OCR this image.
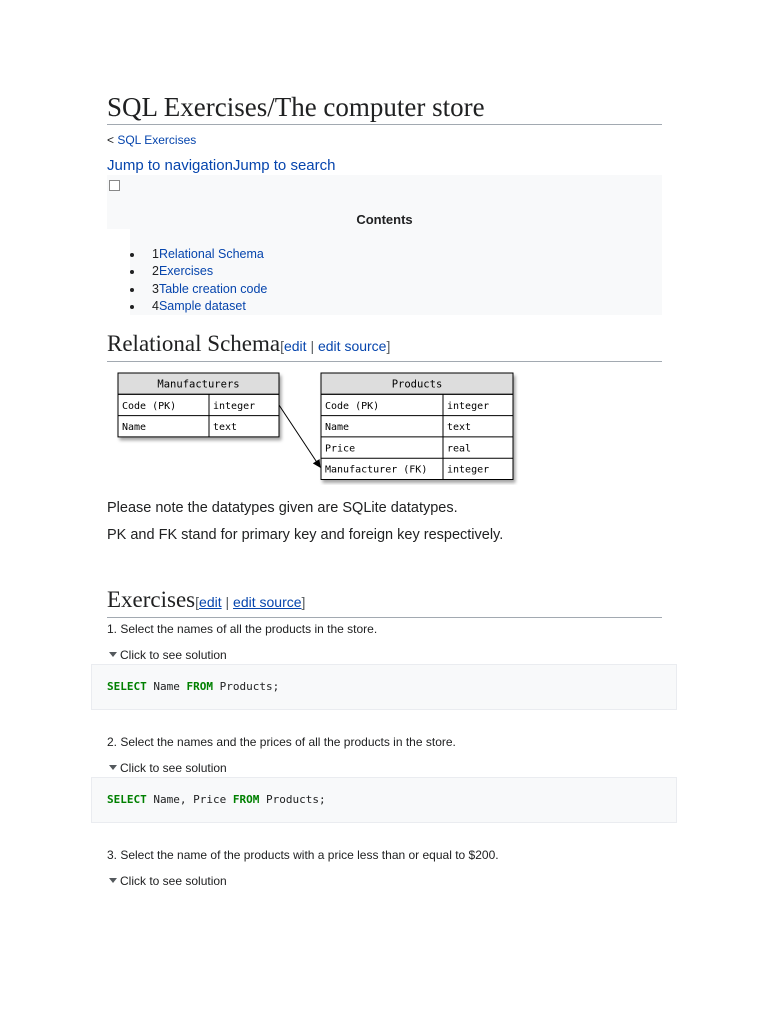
SQL Exercises/The computer store
< SQL Exercises
Jump to navigationJump to search
Contents
1Relational Schema
2Exercises
3Table creation code
4Sample dataset
Relational Schema[edit | edit source]
Manufacturers
Code (PK)	integer
Name	text
Products
Code (PK)	integer
Name	text
Price	real
Manufacturer (FK) integer
Please note the datatypes given are SQLite datatypes.
PK and FK stand for primary key and foreign key respectively.
Exercises[edit | edit source]
1. Select the names of all the products in the store.
Click to see solution
SELECT Name FROM Products;
2. Select the names and the prices of all the products in the store.
Click to see solution
SELECT Name, Price FROM Products;
3. Select the name of the products with a price less than or equal to $200.
Click to see solution
